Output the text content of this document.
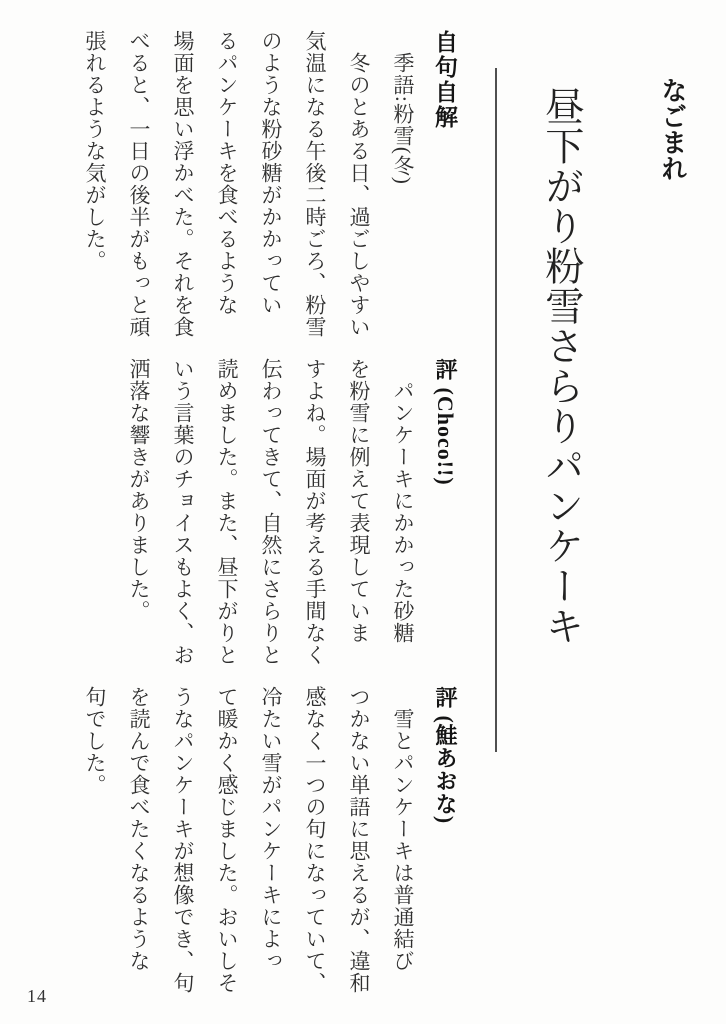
なごまれ
昼下がり粉雪さらりパンケーキ
自句自解
　季語:粉雪(冬)
　冬のとある日、過ごしやすい
気温になる午後二時ごろ、粉雪
のような粉砂糖がかかってい
るパンケーキを食べるような
場面を思い浮かべた。それを食
べると、一日の後半がもっと頑
張れるような気がした。
評 (Choco!!)
　パンケーキにかかった砂糖
を粉雪に例えて表現していま
すよね。場面が考える手間なく
伝わってきて、自然にさらりと
読めました。また、昼下がりと
いう言葉のチョイスもよく、お
洒落な響きがありました。
評 (鮭あおな)
　雪とパンケーキは普通結び
つかない単語に思えるが、違和
感なく一つの句になっていて、
冷たい雪がパンケーキによっ
て暖かく感じました。おいしそ
うなパンケーキが想像でき、句
を読んで食べたくなるような
句でした。
14
